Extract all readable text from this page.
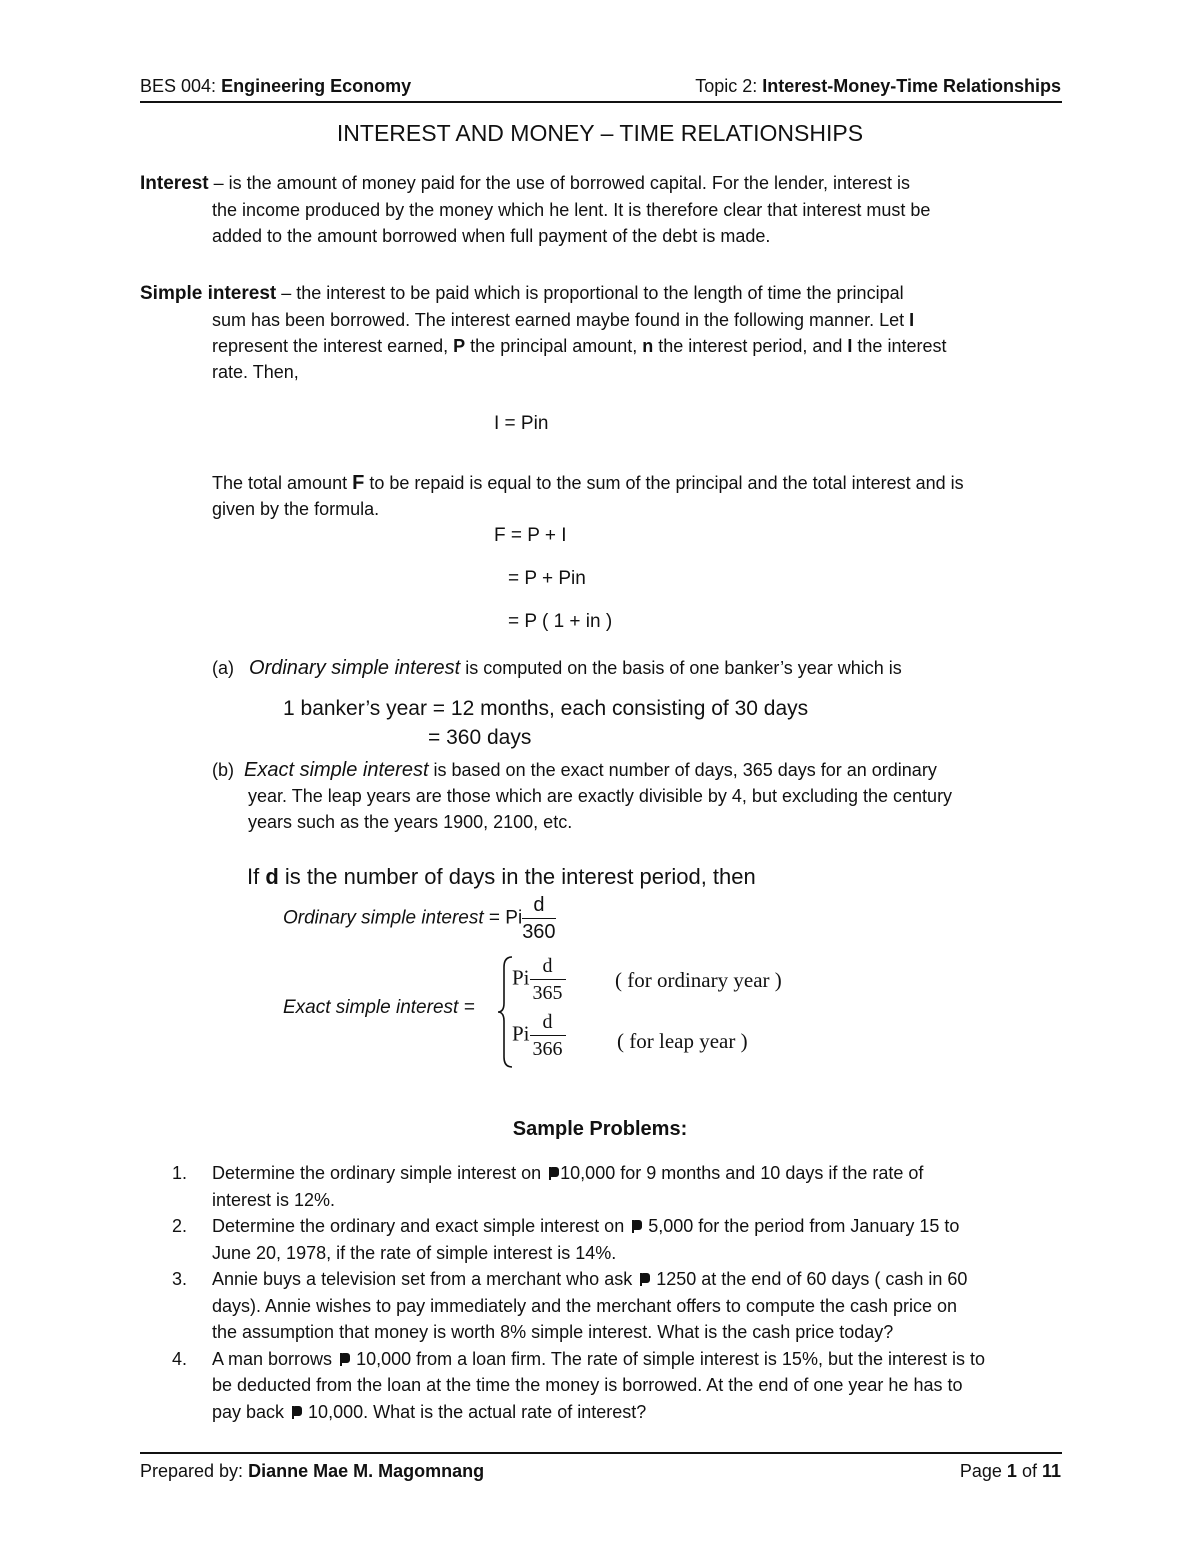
BES 004: Engineering Economy	Topic 2: Interest-Money-Time Relationships
INTEREST AND MONEY – TIME RELATIONSHIPS
Interest – is the amount of money paid for the use of borrowed capital. For the lender, interest is
the income produced by the money which he lent. It is therefore clear that interest must be
added to the amount borrowed when full payment of the debt is made.
Simple interest – the interest to be paid which is proportional to the length of time the principal
sum has been borrowed. The interest earned maybe found in the following manner. Let I
represent the interest earned, P the principal amount, n the interest period, and I the interest
rate. Then,
I = Pin
The total amount F to be repaid is equal to the sum of the principal and the total interest and is
given by the formula.
F = P + I
= P + Pin
= P ( 1 + in )
(a) Ordinary simple interest is computed on the basis of one banker’s year which is
1 banker’s year = 12 months, each consisting of 30 days
= 360 days
(b) Exact simple interest is based on the exact number of days, 365 days for an ordinary
year. The leap years are those which are exactly divisible by 4, but excluding the century
years such as the years 1900, 2100, etc.
If d is the number of days in the interest period, then
Ordinary simple interest = Pi $\frac{d}{360}$
Exact simple interest =
Pi $\frac{d}{365}$ ( for ordinary year )
Pi $\frac{d}{366}$ ( for leap year )
Sample Problems:
1. Determine the ordinary simple interest on 10,000 for 9 months and 10 days if the rate of
interest is 12%.
2. Determine the ordinary and exact simple interest on  5,000 for the period from January 15 to
June 20, 1978, if the rate of simple interest is 14%.
3. Annie buys a television set from a merchant who ask  1250 at the end of 60 days ( cash in 60
days). Annie wishes to pay immediately and the merchant offers to compute the cash price on
the assumption that money is worth 8% simple interest. What is the cash price today?
4. A man borrows  10,000 from a loan firm. The rate of simple interest is 15%, but the interest is to
be deducted from the loan at the time the money is borrowed. At the end of one year he has to
pay back  10,000. What is the actual rate of interest?
Prepared by: Dianne Mae M. Magomnang	Page 1 of 11
